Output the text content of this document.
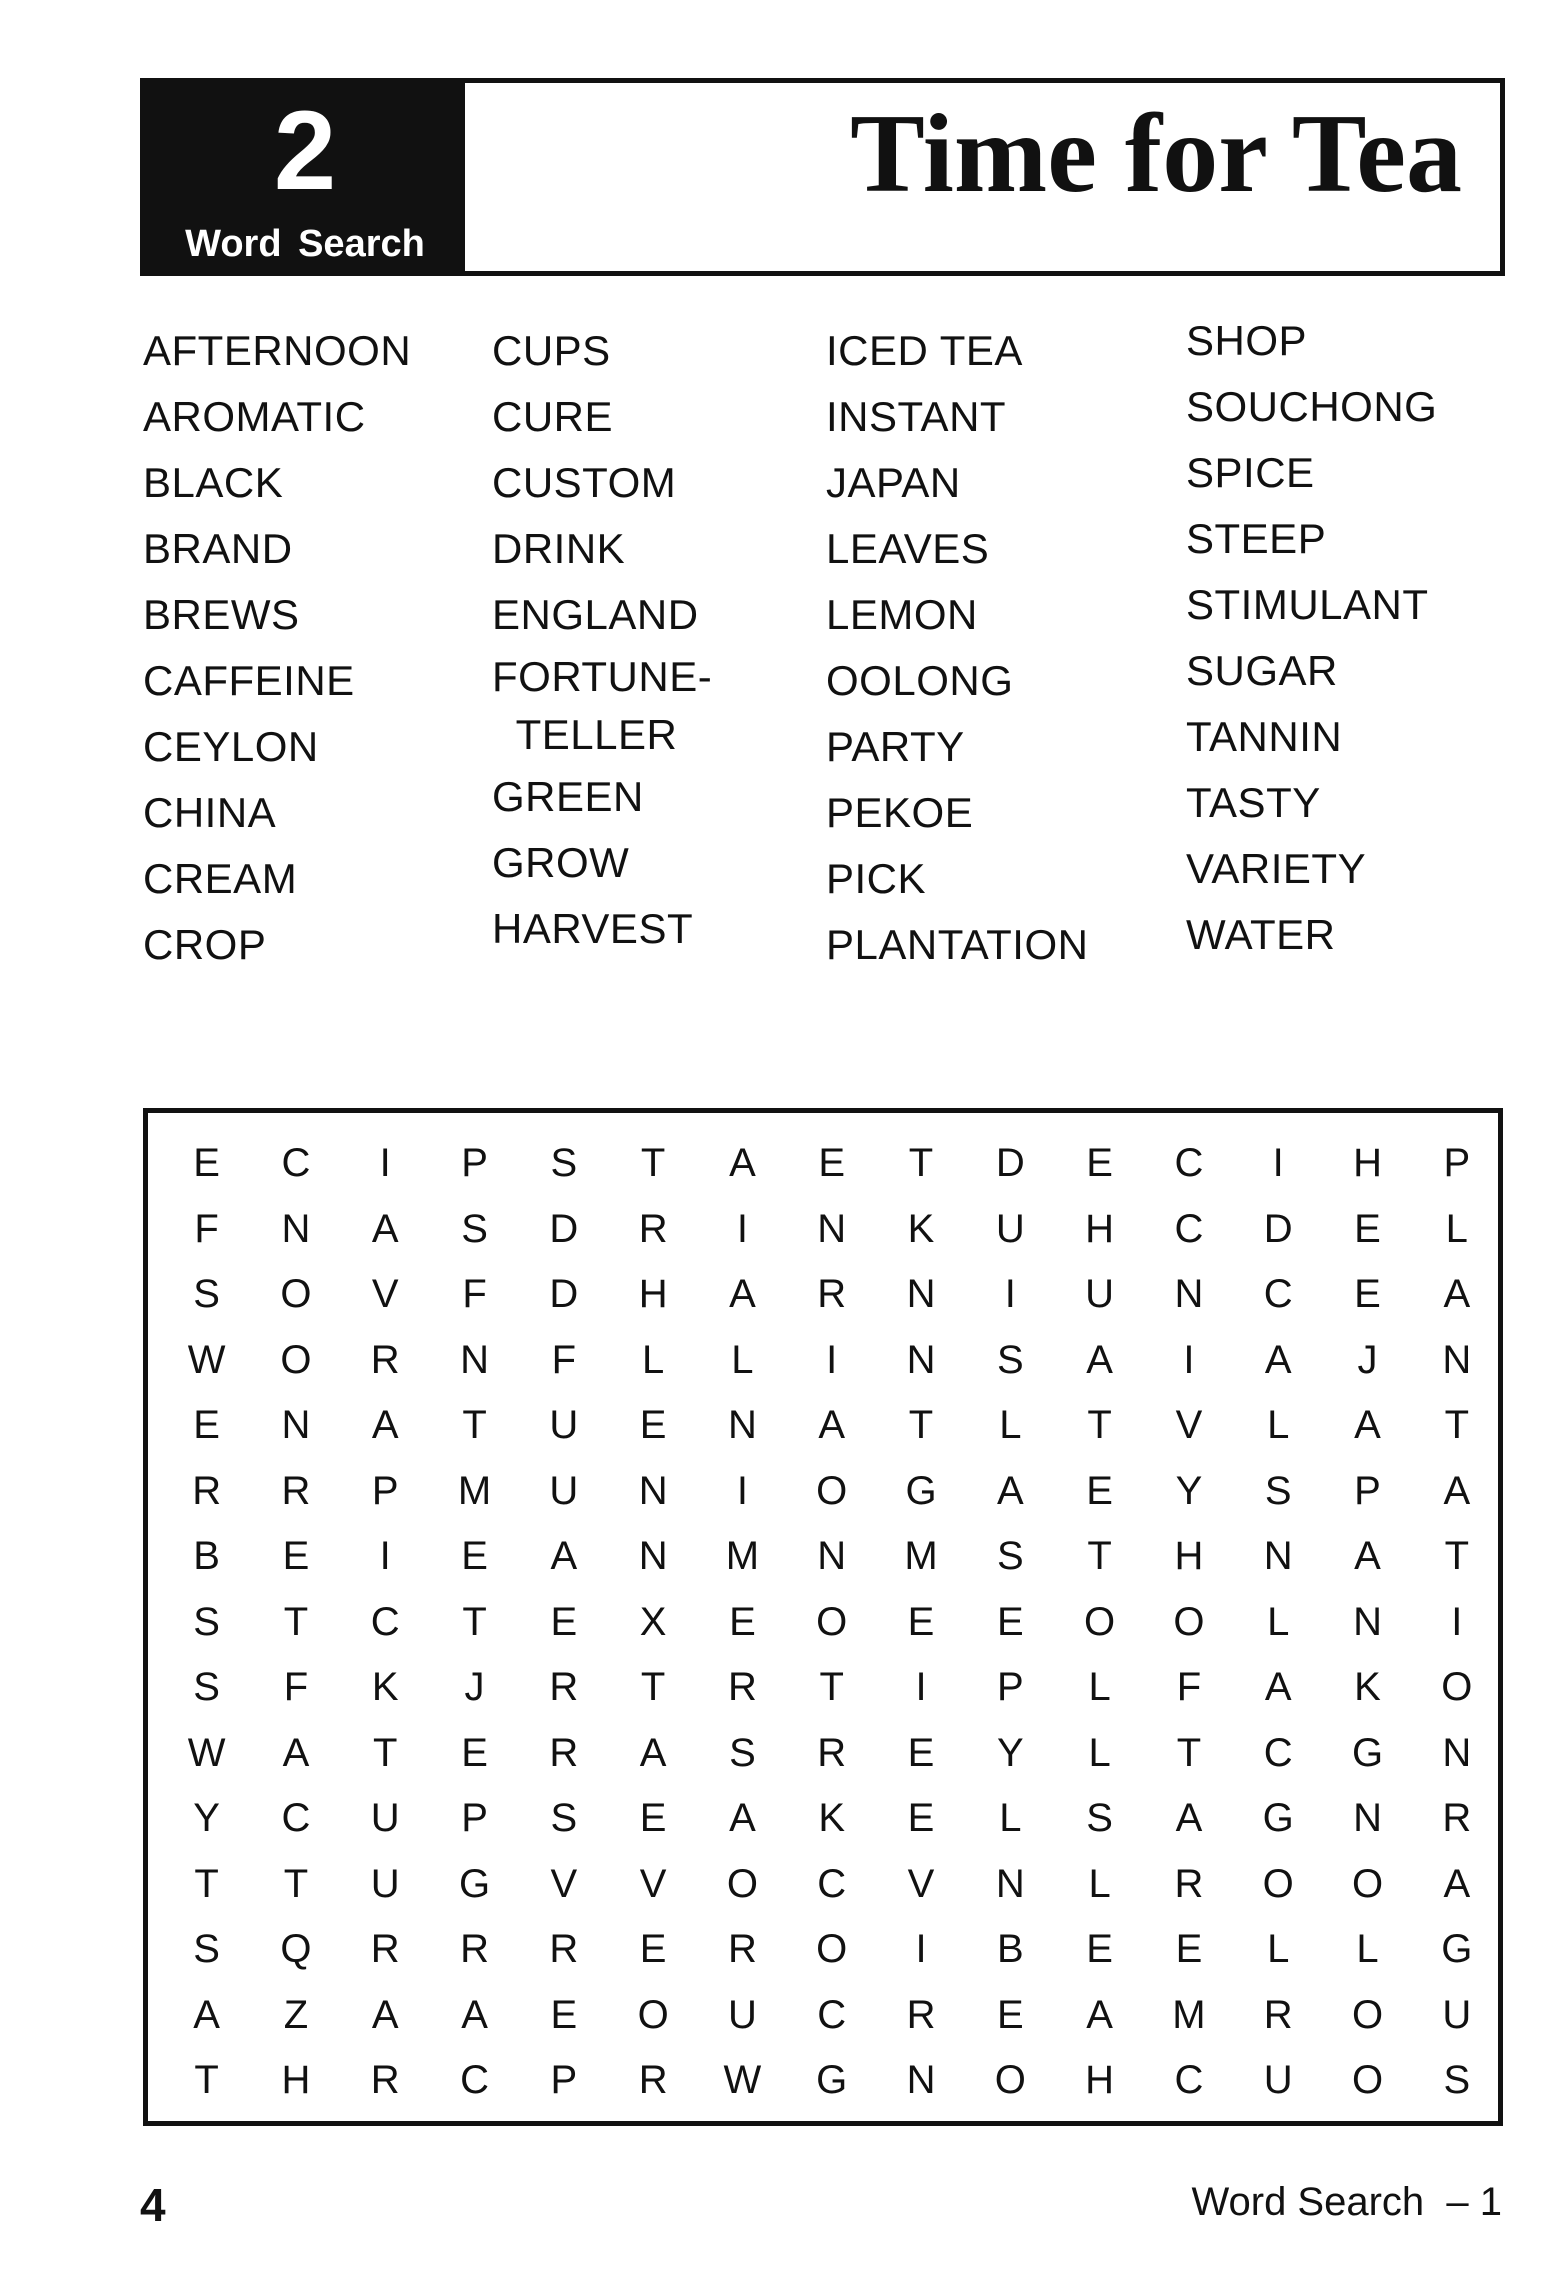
2
Word Search
Time for Tea
AFTERNOON
AROMATIC
BLACK
BRAND
BREWS
CAFFEINE
CEYLON
CHINA
CREAM
CROP
CUPS
CURE
CUSTOM
DRINK
ENGLAND
FORTUNE-
TELLER
GREEN
GROW
HARVEST
ICED TEA
INSTANT
JAPAN
LEAVES
LEMON
OOLONG
PARTY
PEKOE
PICK
PLANTATION
SHOP
SOUCHONG
SPICE
STEEP
STIMULANT
SUGAR
TANNIN
TASTY
VARIETY
WATER
E	C	I	P	S	T	A	E	T	D	E	C	I	H	P
F	N	A	S	D	R	I	N	K	U	H	C	D	E	L
S	O	V	F	D	H	A	R	N	I	U	N	C	E	A
W	O	R	N	F	L	L	I	N	S	A	I	A	J	N
E	N	A	T	U	E	N	A	T	L	T	V	L	A	T
R	R	P	M	U	N	I	O	G	A	E	Y	S	P	A
B	E	I	E	A	N	M	N	M	S	T	H	N	A	T
S	T	C	T	E	X	E	O	E	E	O	O	L	N	I
S	F	K	J	R	T	R	T	I	P	L	F	A	K	O
W	A	T	E	R	A	S	R	E	Y	L	T	C	G	N
Y	C	U	P	S	E	A	K	E	L	S	A	G	N	R
T	T	U	G	V	V	O	C	V	N	L	R	O	O	A
S	Q	R	R	R	E	R	O	I	B	E	E	L	L	G
A	Z	A	A	E	O	U	C	R	E	A	M	R	O	U
T	H	R	C	P	R	W	G	N	O	H	C	U	O	S
4	Word Search  – 1
